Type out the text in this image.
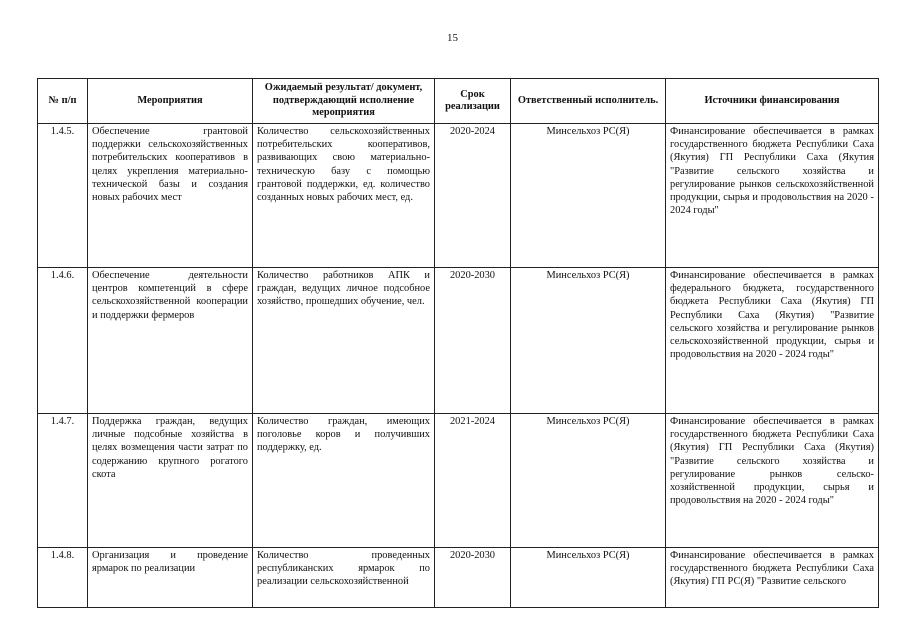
15
№ п/п	Мероприятия	Ожидаемый результат/ документ, подтверждающий исполнение мероприятия	Срок реализации	Ответственный исполнитель.	Источники финансирования
1.4.5.	Обеспечение грантовой поддержки сельскохозяйственных потребительских кооперативов в целях укрепления материально-технической базы и создания новых рабочих мест	Количество сельскохозяйственных потребительских кооперативов, развивающих свою материально-техническую базу с помощью грантовой поддержки, ед. количество созданных новых рабочих мест, ед.	2020-2024	Минсельхоз РС(Я)	Финансирование обеспечивается в рамках государственного бюджета Республики Саха (Якутия) ГП Республики Саха (Якутия "Развитие сельского хозяйства и регулирование рынков сельскохозяйственной продукции, сырья и продовольствия на 2020 - 2024 годы"
1.4.6.	Обеспечение деятельности центров компетенций в сфере сельскохозяйственной кооперации и поддержки фермеров	Количество работников АПК и граждан, ведущих личное подсобное хозяйство, прошедших обучение, чел.	2020-2030	Минсельхоз РС(Я)	Финансирование обеспечивается в рамках федерального бюджета, государственного бюджета Республики Саха (Якутия) ГП Республики Саха (Якутия) "Развитие сельского хозяйства и регулирование рынков сельскохозяйственной продукции, сырья и продовольствия на 2020 - 2024 годы"
1.4.7.	Поддержка граждан, ведущих личные подсобные хозяйства в целях возмещения части затрат по содержанию крупного рогатого скота	Количество граждан, имеющих поголовье коров и получивших поддержку, ед.	2021-2024	Минсельхоз РС(Я)	Финансирование обеспечивается в рамках государственного бюджета Республики Саха (Якутия) ГП Республики Саха (Якутия) "Развитие сельского хозяйства и регулирование рынков сельско-хозяйственной продукции, сырья и продовольствия на 2020 - 2024 годы"
1.4.8.	Организация и проведение ярмарок по реализации	Количество проведенных республиканских ярмарок по реализации сельскохозяйственной	2020-2030	Минсельхоз РС(Я)	Финансирование обеспечивается в рамках государственного бюджета Республики Саха (Якутия) ГП РС(Я) "Развитие сельского
